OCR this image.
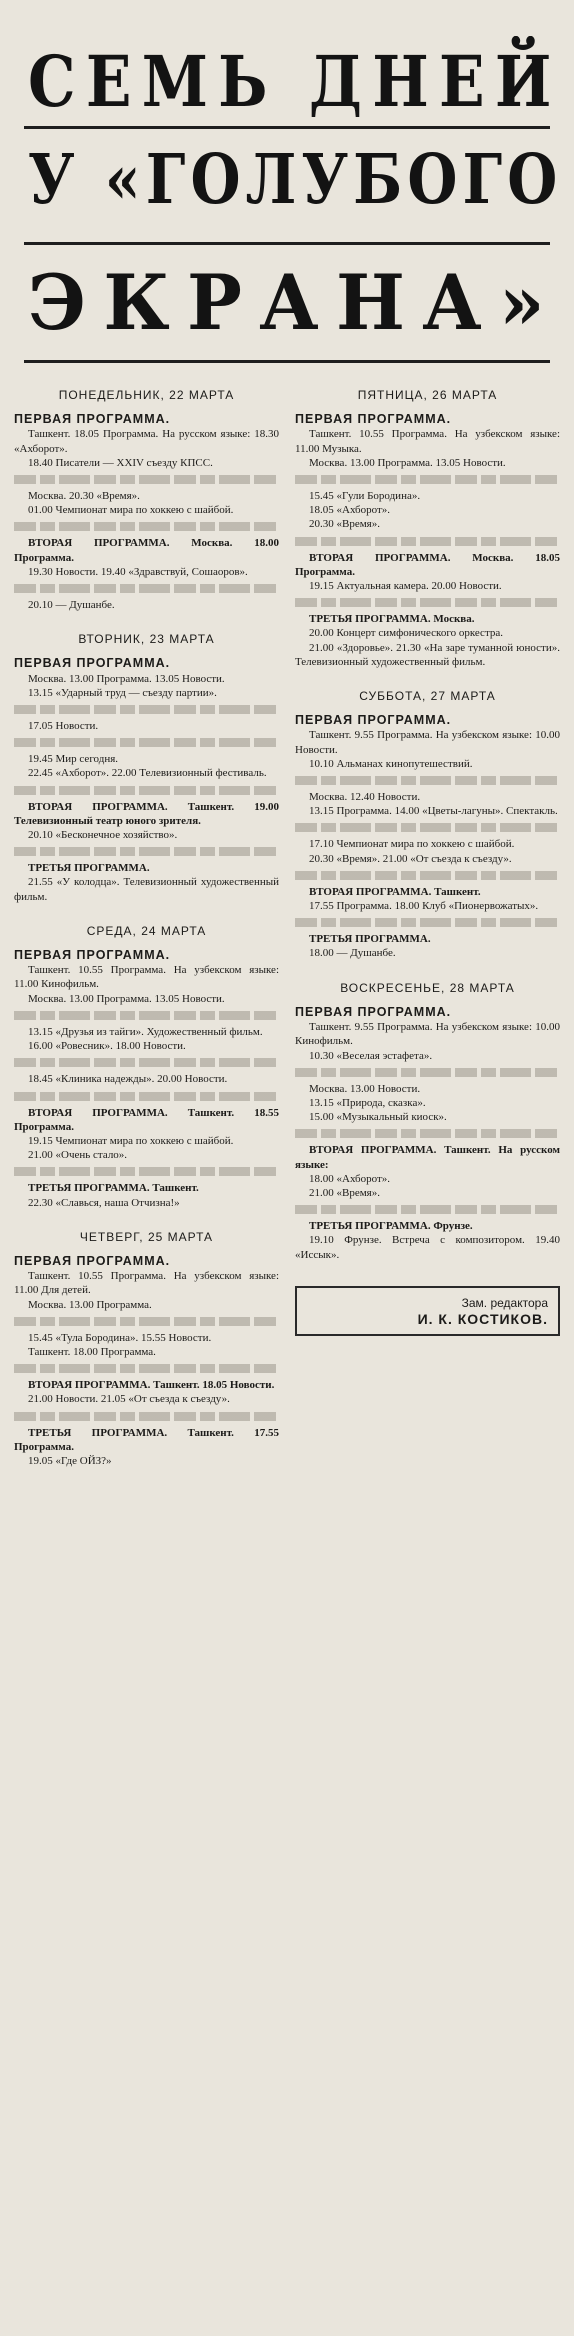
СЕМЬ ДНЕЙ
У «ГОЛУБОГО
ЭКРАНА»
ПОНЕДЕЛЬНИК, 22 МАРТА
ПЕРВАЯ ПРОГРАММА.
Ташкент. 18.05 Программа. На русском языке: 18.30 «Ахборот».
18.40 Писатели — XXIV съезду КПСС.
Москва. 20.30 «Время».
01.00 Чемпионат мира по хоккею с шайбой.
ВТОРАЯ ПРОГРАММА. Москва. 18.00 Программа.
19.30 Новости. 19.40 «Здравствуй, Сошаоров».
20.10 — Душанбе.
ВТОРНИК, 23 МАРТА
ПЕРВАЯ ПРОГРАММА.
Москва. 13.00 Программа. 13.05 Новости.
13.15 «Ударный труд — съезду партии».
17.05 Новости.
19.45 Мир сегодня.
22.45 «Ахборот». 22.00 Телевизионный фестиваль.
ВТОРАЯ ПРОГРАММА. Ташкент. 19.00 Телевизионный театр юного зрителя.
20.10 «Бесконечное хозяйство».
ТРЕТЬЯ ПРОГРАММА.
21.55 «У колодца». Телевизионный художественный фильм.
СРЕДА, 24 МАРТА
ПЕРВАЯ ПРОГРАММА.
Ташкент. 10.55 Программа. На узбекском языке: 11.00 Кинофильм.
Москва. 13.00 Программа. 13.05 Новости.
13.15 «Друзья из тайги». Художественный фильм.
16.00 «Ровесник». 18.00 Новости.
18.45 «Клиника надежды». 20.00 Новости.
ВТОРАЯ ПРОГРАММА. Ташкент. 18.55 Программа.
19.15 Чемпионат мира по хоккею с шайбой.
21.00 «Очень стало».
ТРЕТЬЯ ПРОГРАММА. Ташкент.
22.30 «Славься, наша Отчизна!»
ЧЕТВЕРГ, 25 МАРТА
ПЕРВАЯ ПРОГРАММА.
Ташкент. 10.55 Программа. На узбекском языке: 11.00 Для детей.
Москва. 13.00 Программа.
15.45 «Тула Бородина». 15.55 Новости.
Ташкент. 18.00 Программа.
ВТОРАЯ ПРОГРАММА. Ташкент. 18.05 Новости.
21.00 Новости. 21.05 «От съезда к съезду».
ТРЕТЬЯ ПРОГРАММА. Ташкент. 17.55 Программа.
19.05 «Где ОЙЗ?»
ПЯТНИЦА, 26 МАРТА
ПЕРВАЯ ПРОГРАММА.
Ташкент. 10.55 Программа. На узбекском языке: 11.00 Музыка.
Москва. 13.00 Программа. 13.05 Новости.
15.45 «Гули Бородина».
18.05 «Ахборот».
20.30 «Время».
ВТОРАЯ ПРОГРАММА. Москва. 18.05 Программа.
19.15 Актуальная камера. 20.00 Новости.
ТРЕТЬЯ ПРОГРАММА. Москва.
20.00 Концерт симфонического оркестра.
21.00 «Здоровье». 21.30 «На заре туманной юности». Телевизионный художественный фильм.
СУББОТА, 27 МАРТА
ПЕРВАЯ ПРОГРАММА.
Ташкент. 9.55 Программа. На узбекском языке: 10.00 Новости.
10.10 Альманах кинопутешествий.
Москва. 12.40 Новости.
13.15 Программа. 14.00 «Цветы-лагуны». Спектакль.
17.10 Чемпионат мира по хоккею с шайбой.
20.30 «Время». 21.00 «От съезда к съезду».
ВТОРАЯ ПРОГРАММА. Ташкент.
17.55 Программа. 18.00 Клуб «Пионервожатых».
ТРЕТЬЯ ПРОГРАММА.
18.00 — Душанбе.
ВОСКРЕСЕНЬЕ, 28 МАРТА
ПЕРВАЯ ПРОГРАММА.
Ташкент. 9.55 Программа. На узбекском языке: 10.00 Кинофильм.
10.30 «Веселая эстафета».
Москва. 13.00 Новости.
13.15 «Природа, сказка».
15.00 «Музыкальный киоск».
ВТОРАЯ ПРОГРАММА. Ташкент. На русском языке:
18.00 «Ахборот».
21.00 «Время».
ТРЕТЬЯ ПРОГРАММА. Фрунзе.
19.10 Фрунзе. Встреча с композитором. 19.40 «Иссык».
Зам. редактора
И. К. КОСТИКОВ.
